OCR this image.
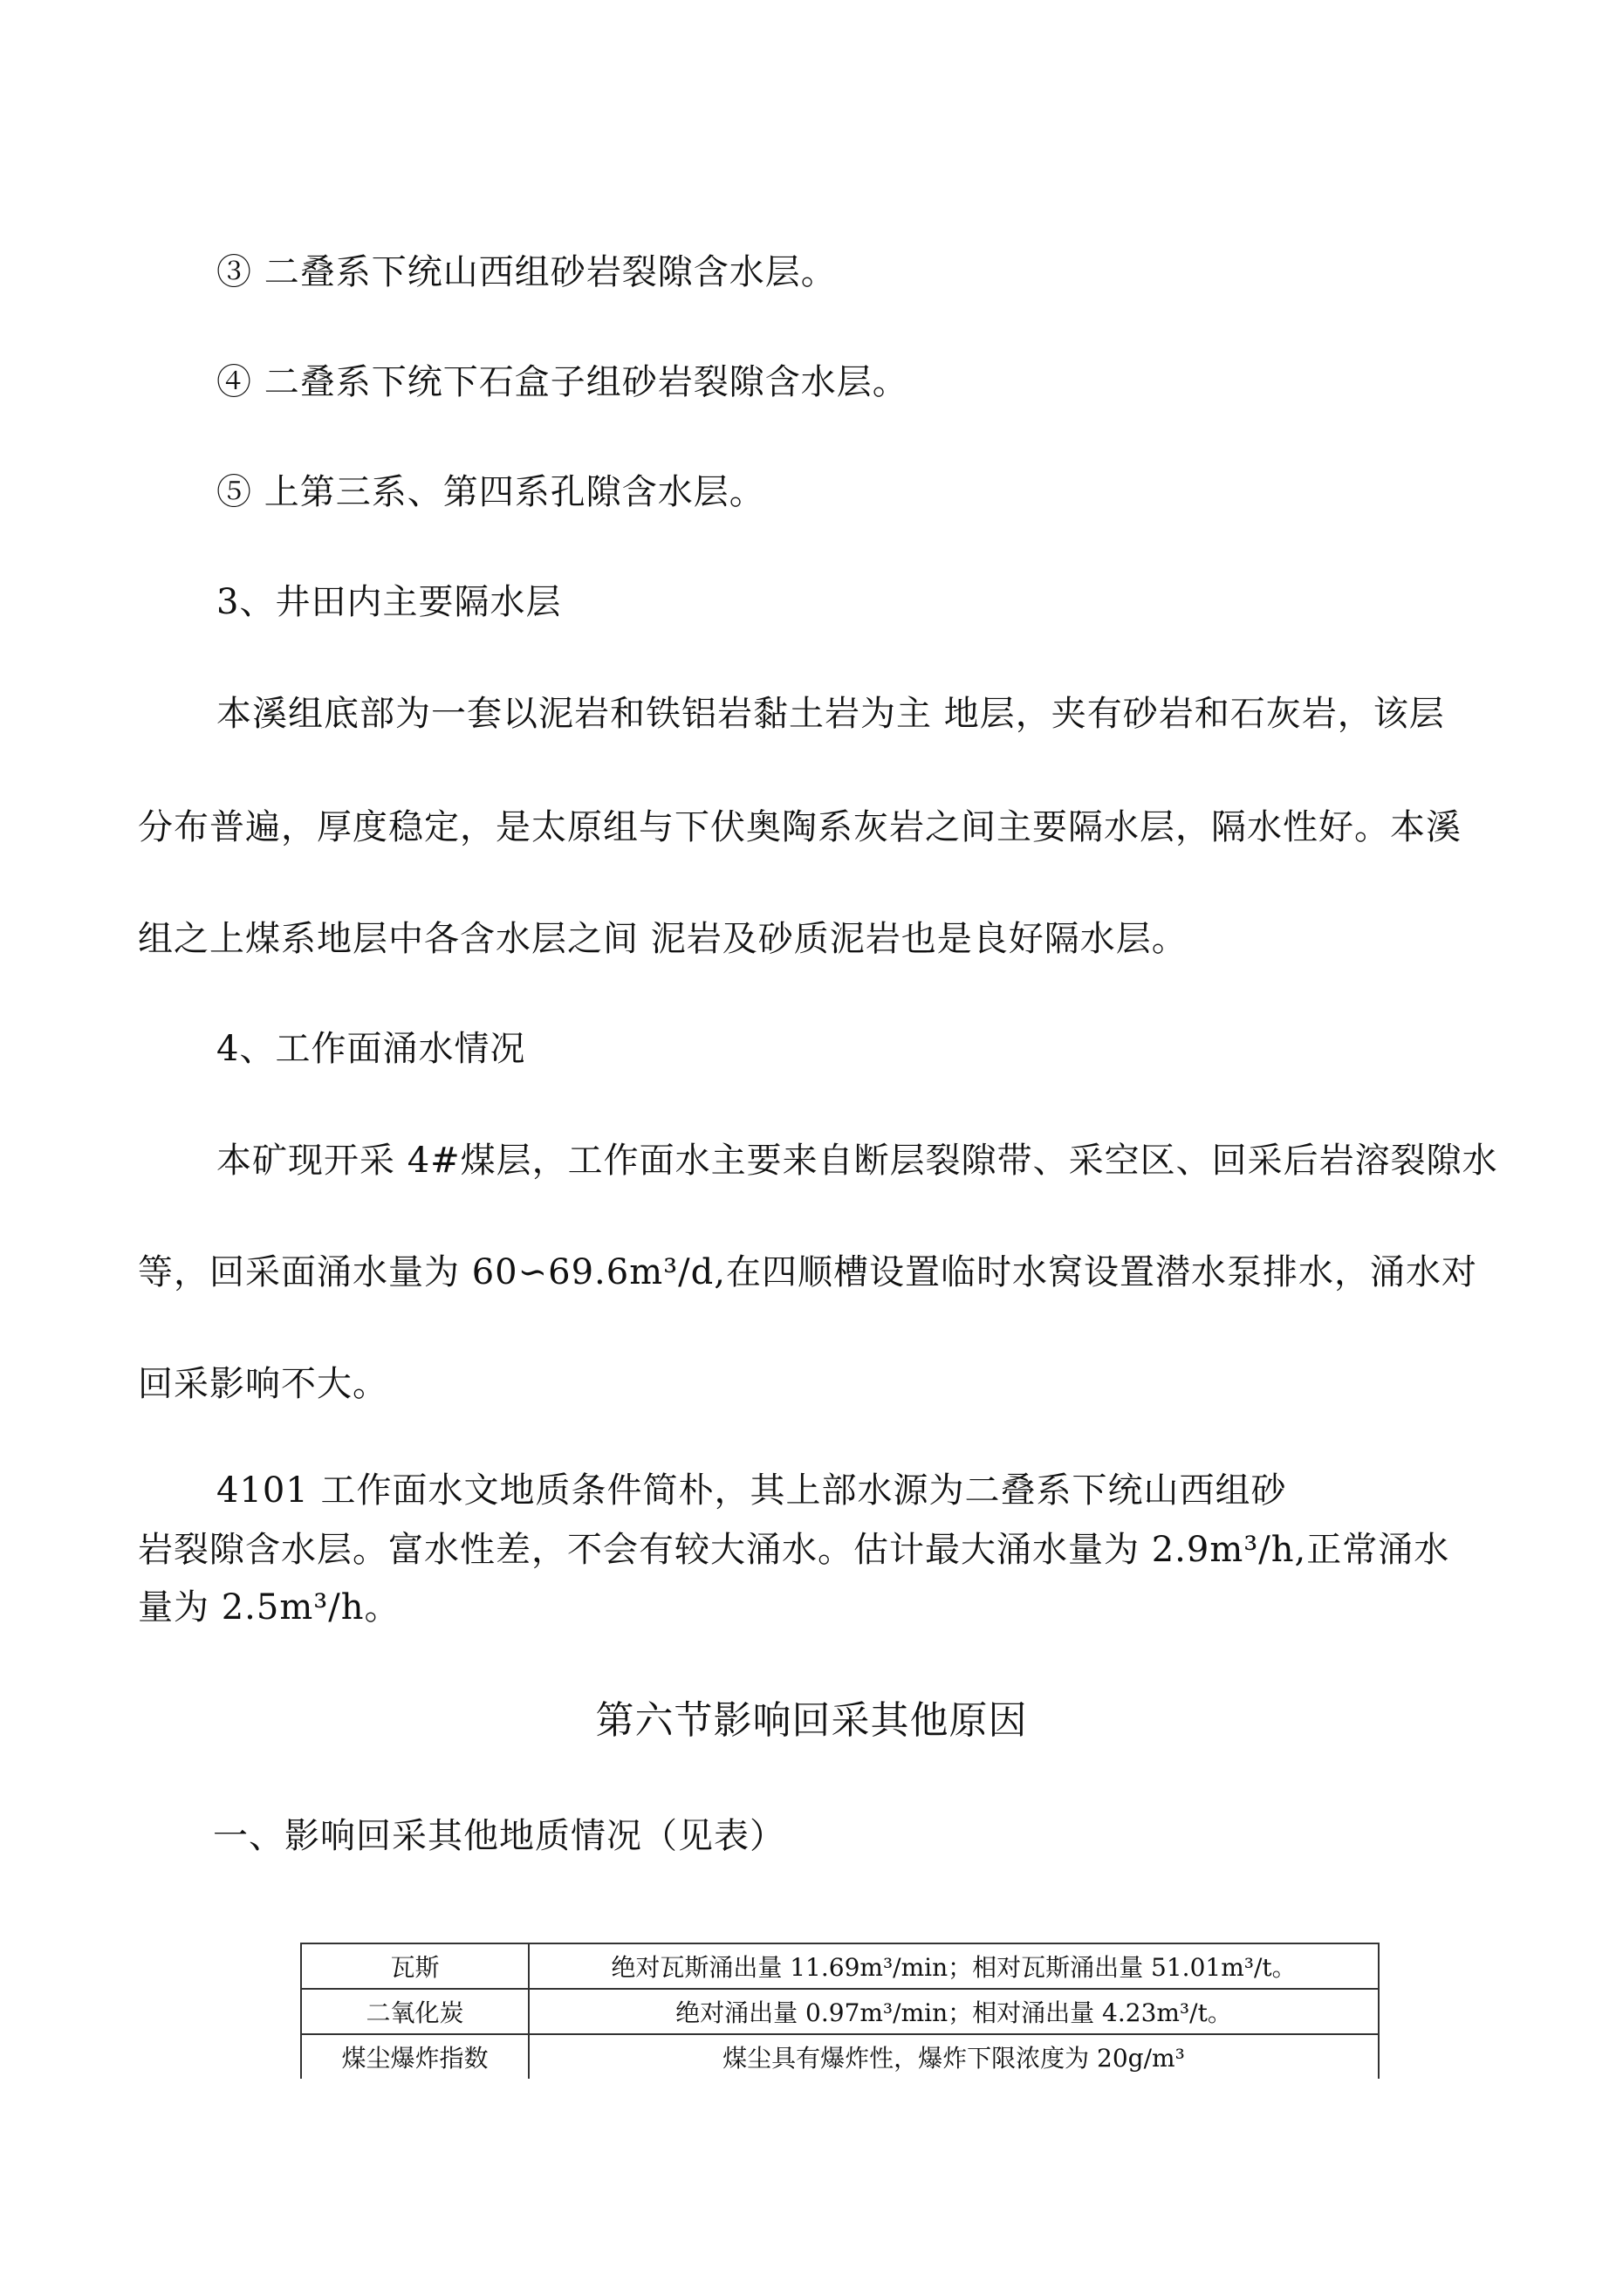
③ 二叠系下统山西组砂岩裂隙含水层。
④ 二叠系下统下石盒子组砂岩裂隙含水层。
⑤ 上第三系、第四系孔隙含水层。
3、井田内主要隔水层
本溪组底部为一套以泥岩和铁铝岩黏土岩为主 地层，夹有砂岩和石灰岩，该层
分布普遍，厚度稳定，是太原组与下伏奥陶系灰岩之间主要隔水层，隔水性好。本溪
组之上煤系地层中各含水层之间 泥岩及砂质泥岩也是良好隔水层。
4、工作面涌水情况
本矿现开采 4#煤层，工作面水主要来自断层裂隙带、采空区、回采后岩溶裂隙水
等，回采面涌水量为 60∽69.6m³/d,在四顺槽设置临时水窝设置潜水泵排水，涌水对
回采影响不大。
4101 工作面水文地质条件简朴，其上部水源为二叠系下统山西组砂
岩裂隙含水层。富水性差，不会有较大涌水。估计最大涌水量为 2.9m³/h,正常涌水
量为 2.5m³/h。
第六节影响回采其他原因
一、影响回采其他地质情况（见表）
瓦斯	绝对瓦斯涌出量 11.69m³/min；相对瓦斯涌出量 51.01m³/t。
二氧化炭	绝对涌出量 0.97m³/min；相对涌出量 4.23m³/t。
煤尘爆炸指数	煤尘具有爆炸性，爆炸下限浓度为 20g/m³
